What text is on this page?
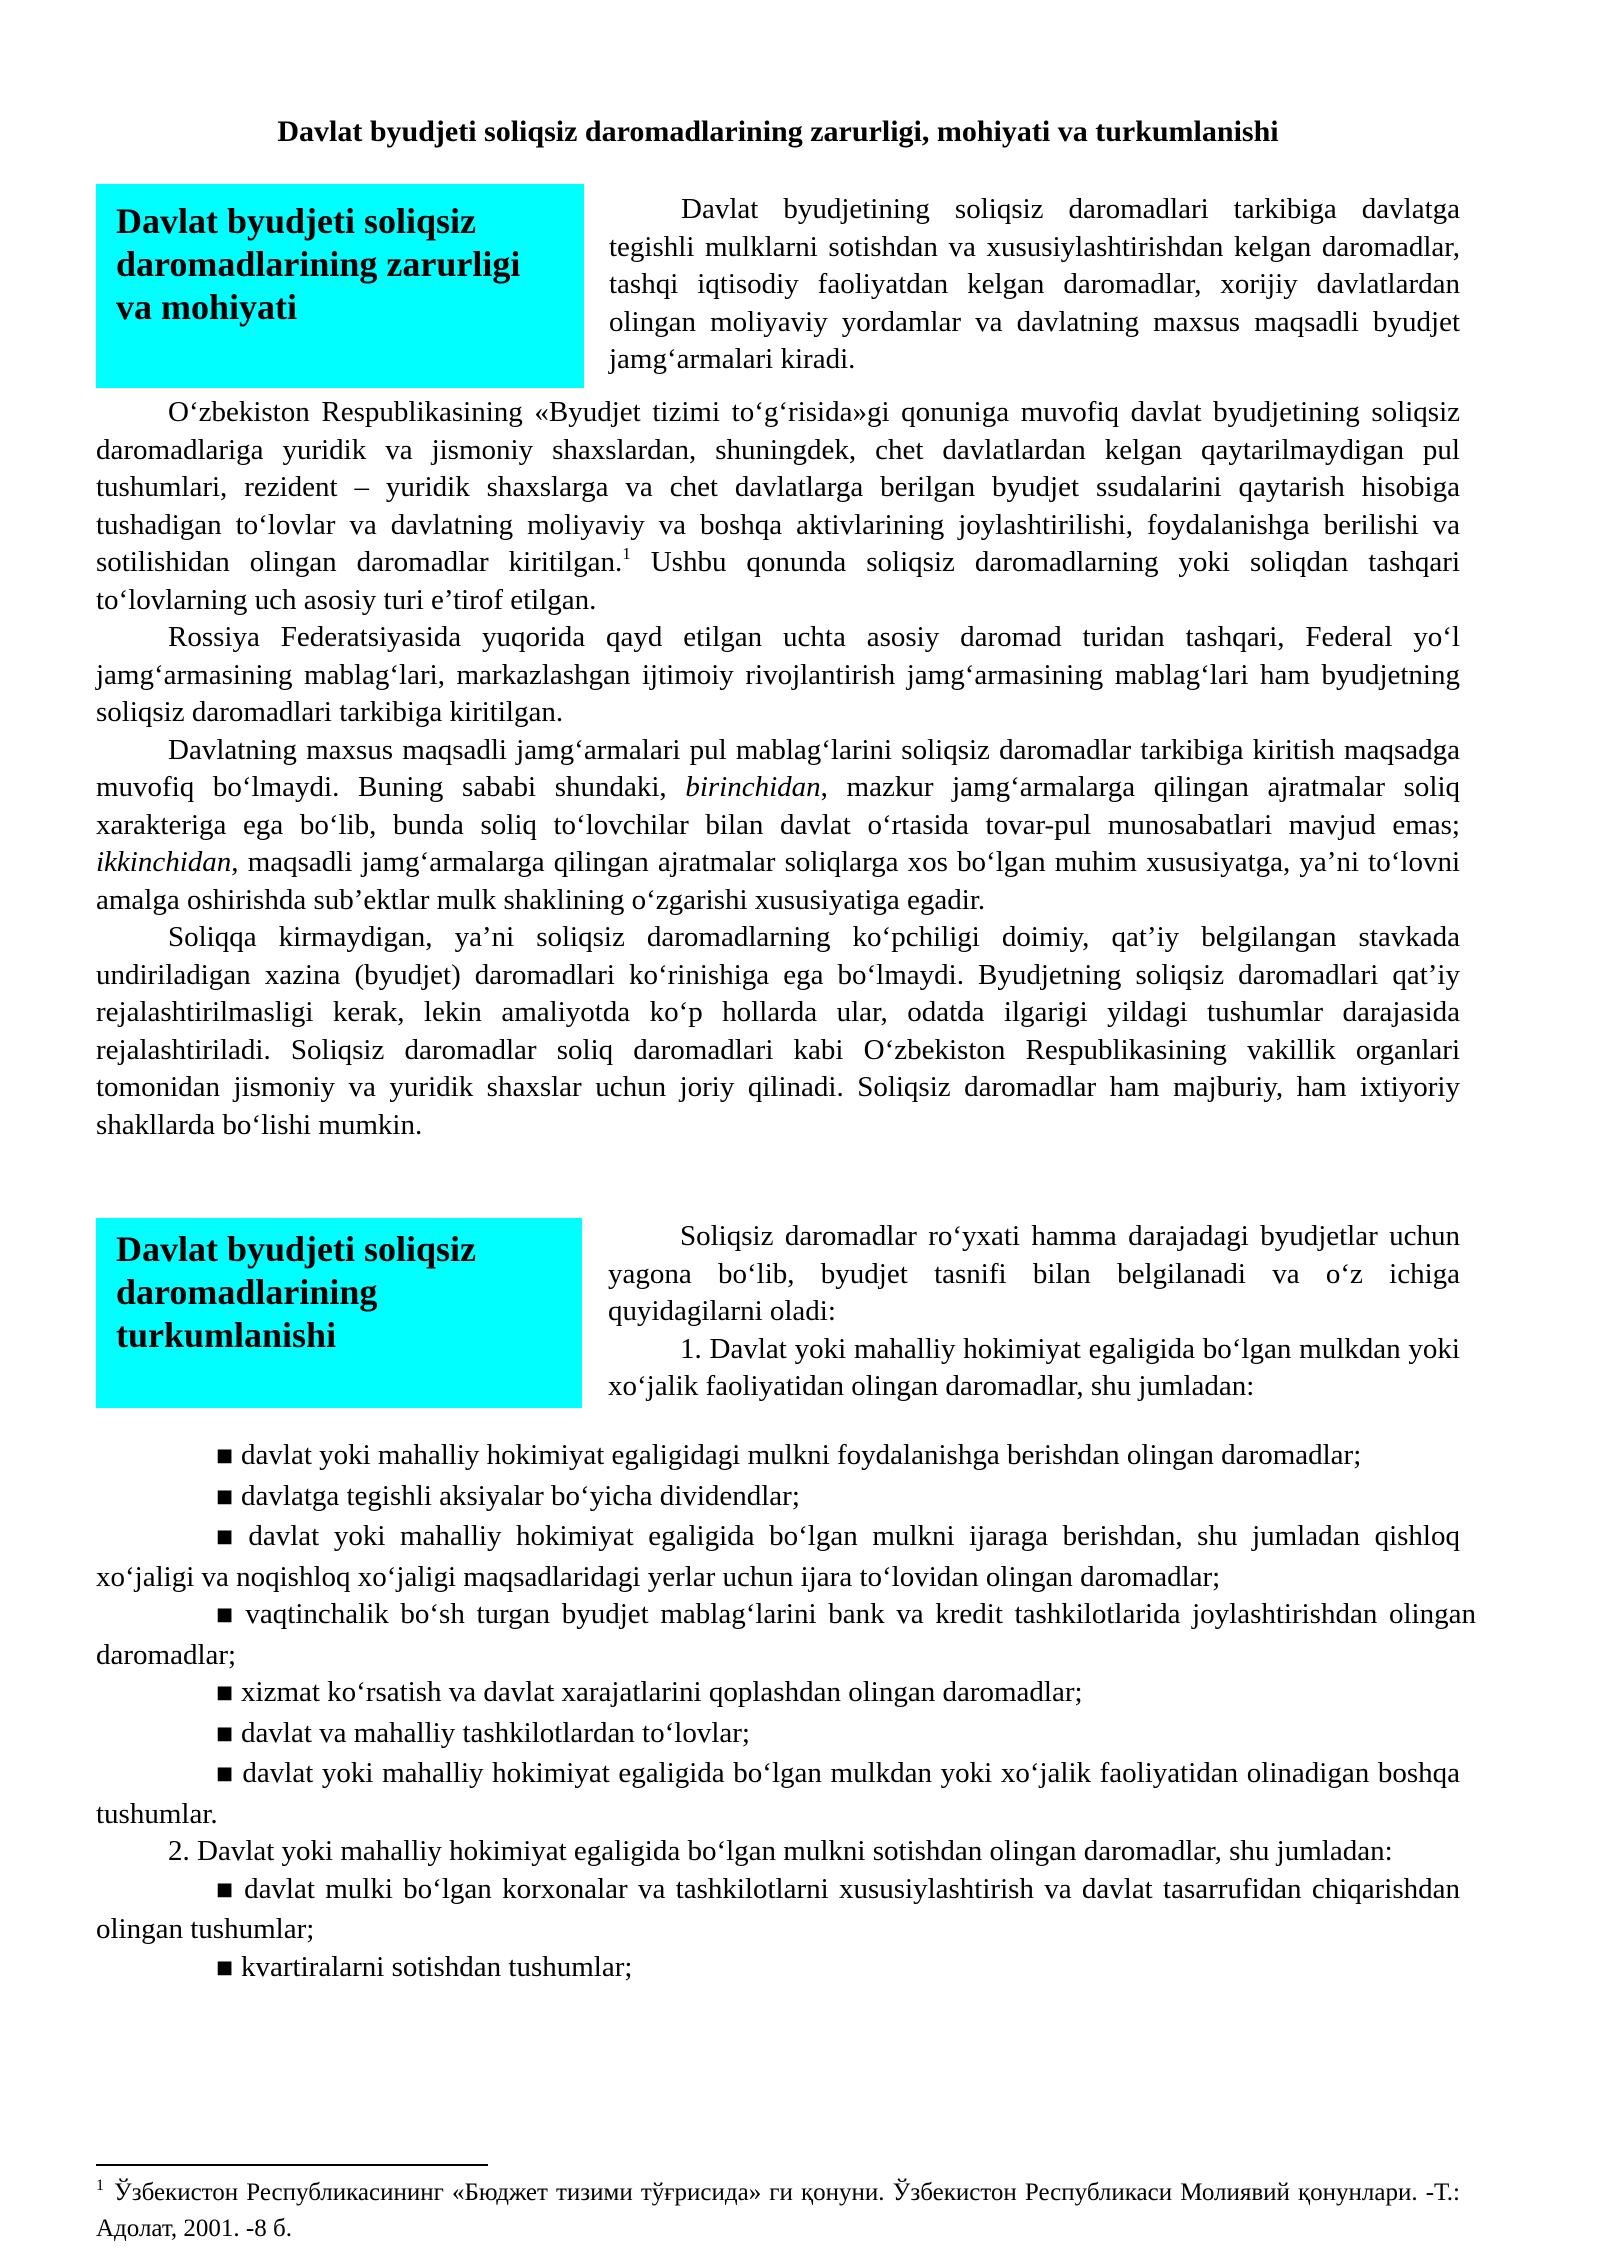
Davlat byudjeti soliqsiz daromadlarining zarurligi, mohiyati va turkumlanishi
Davlat byudjeti soliqsiz daromadlarining zarurligi va mohiyati

Davlat byudjetining soliqsiz daromadlari tarkibiga davlatga tegishli mulklarni sotishdan va xususiylashtirishdan kelgan daromadlar, tashqi iqtisodiy faoliyatdan kelgan daromadlar, xorijiy davlatlardan olingan moliyaviy yordamlar va davlatning maxsus maqsadli byudjet jamg‘armalari kiradi.

O‘zbekiston Respublikasining «Byudjet tizimi to‘g‘risida»gi qonuniga muvofiq davlat byudjetining soliqsiz daromadlariga yuridik va jismoniy shaxslardan, shuningdek, chet davlatlardan kelgan qaytarilmaydigan pul tushumlari, rezident – yuridik shaxslarga va chet davlatlarga berilgan byudjet ssudalarini qaytarish hisobiga tushadigan to‘lovlar va davlatning moliyaviy va boshqa aktivlarining joylashtirilishi, foydalanishga berilishi va sotilishidan olingan daromadlar kiritilgan.$^1$ Ushbu qonunda soliqsiz daromadlarning yoki soliqdan tashqari to‘lovlarning uch asosiy turi e’tirof etilgan.

Rossiya Federatsiyasida yuqorida qayd etilgan uchta asosiy daromad turidan tashqari, Federal yo‘l jamg‘armasining mablag‘lari, markazlashgan ijtimoiy rivojlantirish jamg‘armasining mablag‘lari ham byudjetning soliqsiz daromadlari tarkibiga kiritilgan.

Davlatning maxsus maqsadli jamg‘armalari pul mablag‘larini soliqsiz daromadlar tarkibiga kiritish maqsadga muvofiq bo‘lmaydi. Buning sababi shundaki, birinchidan, mazkur jamg‘armalarga qilingan ajratmalar soliq xarakteriga ega bo‘lib, bunda soliq to‘lovchilar bilan davlat o‘rtasida tovar-pul munosabatlari mavjud emas; ikkinchidan, maqsadli jamg‘armalarga qilingan ajratmalar soliqlarga xos bo‘lgan muhim xususiyatga, ya’ni to‘lovni amalga oshirishda sub’ektlar mulk shaklining o‘zgarishi xususiyatiga egadir.

Soliqqa kirmaydigan, ya’ni soliqsiz daromadlarning ko‘pchiligi doimiy, qat’iy belgilangan stavkada undiriladigan xazina (byudjet) daromadlari ko‘rinishiga ega bo‘lmaydi. Byudjetning soliqsiz daromadlari qat’iy rejalashtirilmasligi kerak, lekin amaliyotda ko‘p hollarda ular, odatda ilgarigi yildagi tushumlar darajasida rejalashtiriladi. Soliqsiz daromadlar soliq daromadlari kabi O‘zbekiston Respublikasining vakillik organlari tomonidan jismoniy va yuridik shaxslar uchun joriy qilinadi. Soliqsiz daromadlar ham majburiy, ham ixtiyoriy shakllarda bo‘lishi mumkin.

Davlat byudjeti soliqsiz daromadlarining turkumlanishi

Soliqsiz daromadlar ro‘yxati hamma darajadagi byudjetlar uchun yagona bo‘lib, byudjet tasnifi bilan belgilanadi va o‘z ichiga quyidagilarni oladi:

1. Davlat yoki mahalliy hokimiyat egaligida bo‘lgan mulkdan yoki xo‘jalik faoliyatidan olingan daromadlar, shu jumladan:

■ davlat yoki mahalliy hokimiyat egaligidagi mulkni foydalanishga berishdan olingan daromadlar;

■ davlatga tegishli aksiyalar bo‘yicha dividendlar;

■ davlat yoki mahalliy hokimiyat egaligida bo‘lgan mulkni ijaraga berishdan, shu jumladan qishloq xo‘jaligi va noqishloq xo‘jaligi maqsadlaridagi yerlar uchun ijara to‘lovidan olingan daromadlar;

■ vaqtinchalik bo‘sh turgan byudjet mablag‘larini bank va kredit tashkilotlarida joylashtirishdan olingan daromadlar;

■ xizmat ko‘rsatish va davlat xarajatlarini qoplashdan olingan daromadlar;

■ davlat va mahalliy tashkilotlardan to‘lovlar;

■ davlat yoki mahalliy hokimiyat egaligida bo‘lgan mulkdan yoki xo‘jalik faoliyatidan olinadigan boshqa tushumlar.

2. Davlat yoki mahalliy hokimiyat egaligida bo‘lgan mulkni sotishdan olingan daromadlar, shu jumladan:

■ davlat mulki bo‘lgan korxonalar va tashkilotlarni xususiylashtirish va davlat tasarrufidan chiqarishdan olingan tushumlar;

■ kvartiralarni sotishdan tushumlar;

$^1$ Ўзбекистон Республикасининг «Бюджет тизими тўғрисида» ги қонуни. Ўзбекистон Республикаси Молиявий қонунлари. -Т.: Адолат, 2001. -8 б.
